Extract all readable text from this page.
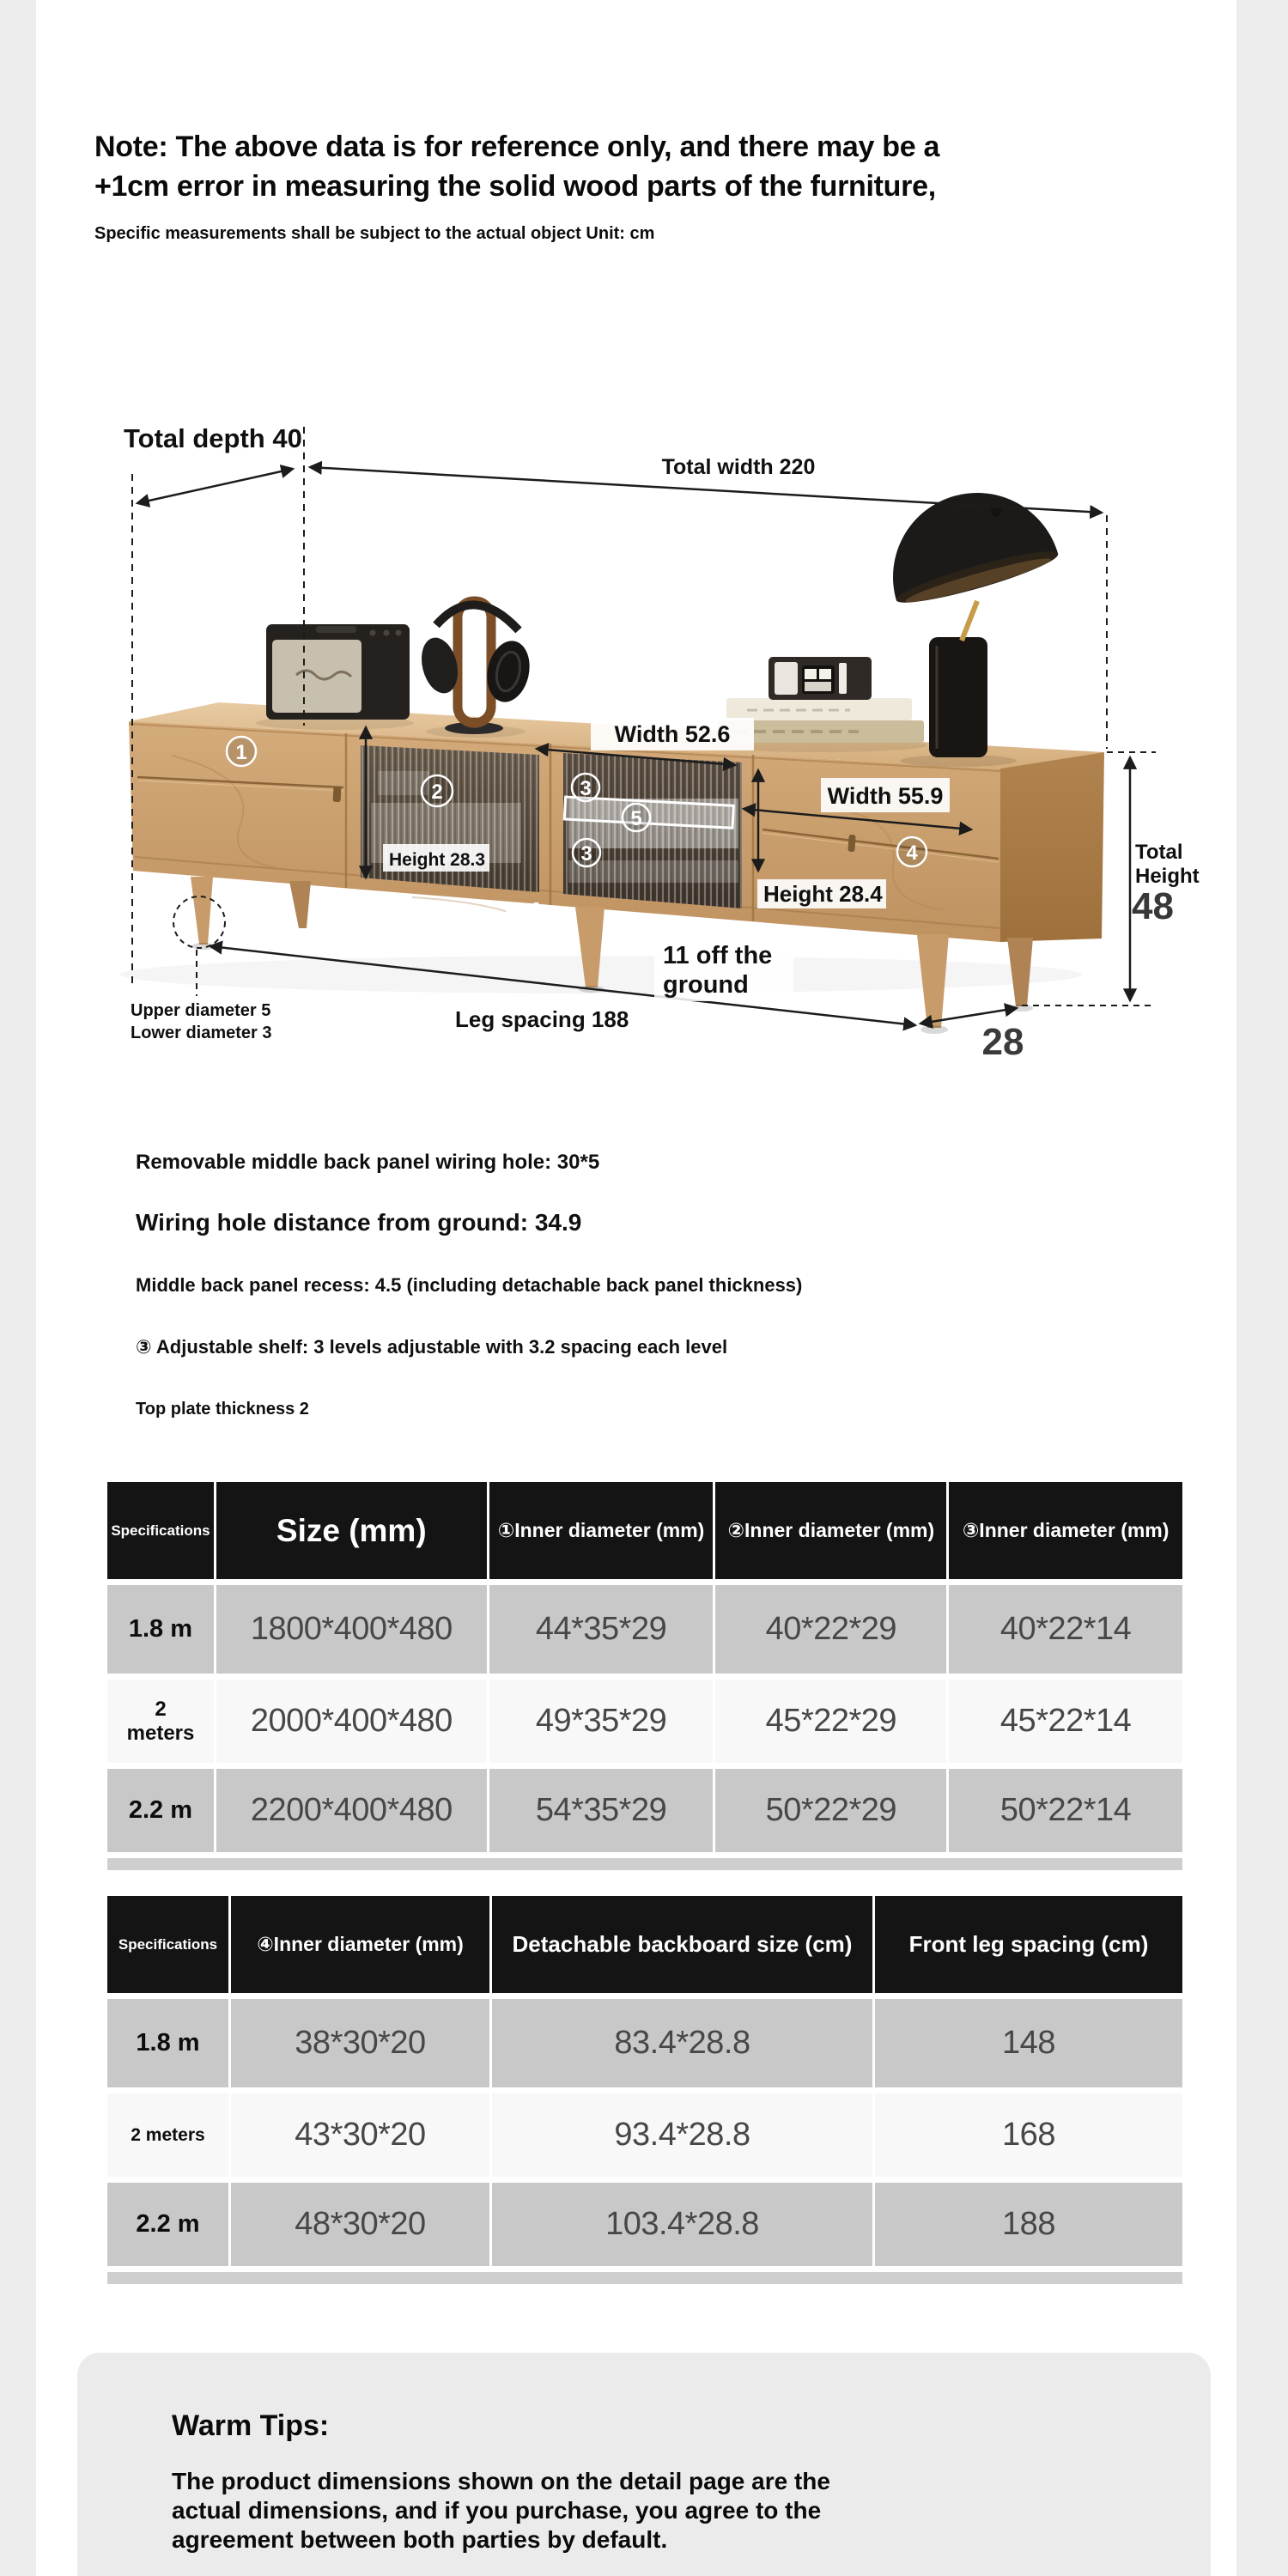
Note: The above data is for reference only, and there may be a
+1cm error in measuring the solid wood parts of the furniture,
Specific measurements shall be subject to the actual object Unit: cm
1
2	3
5
3	4
Total depth 40
Total width 220
Width 52.6
Width 55.9
Height 28.3
Height 28.4
Total
Height
48
11 off the
ground
4
Upper diameter 5
Lower diameter 3
Leg spacing 188
28
Removable middle back panel wiring hole: 30*5
Wiring hole distance from ground: 34.9
Middle back panel recess: 4.5 (including detachable back panel thickness)
③ Adjustable shelf: 3 levels adjustable with 3.2 spacing each level
Top plate thickness 2
Specifications	Size (mm)	①Inner diameter (mm)	②Inner diameter (mm)	③Inner diameter (mm)
1.8 m	1800*400*480	44*35*29	40*22*29	40*22*14
2 meters	2000*400*480	49*35*29	45*22*29	45*22*14
2.2 m	2200*400*480	54*35*29	50*22*29	50*22*14
Specifications	④Inner diameter (mm)	Detachable backboard size (cm)	Front leg spacing (cm)
1.8 m	38*30*20	83.4*28.8	148
2 meters	43*30*20	93.4*28.8	168
2.2 m	48*30*20	103.4*28.8	188
Warm Tips:
The product dimensions shown on the detail page are the
actual dimensions, and if you purchase, you agree to the
agreement between both parties by default.
